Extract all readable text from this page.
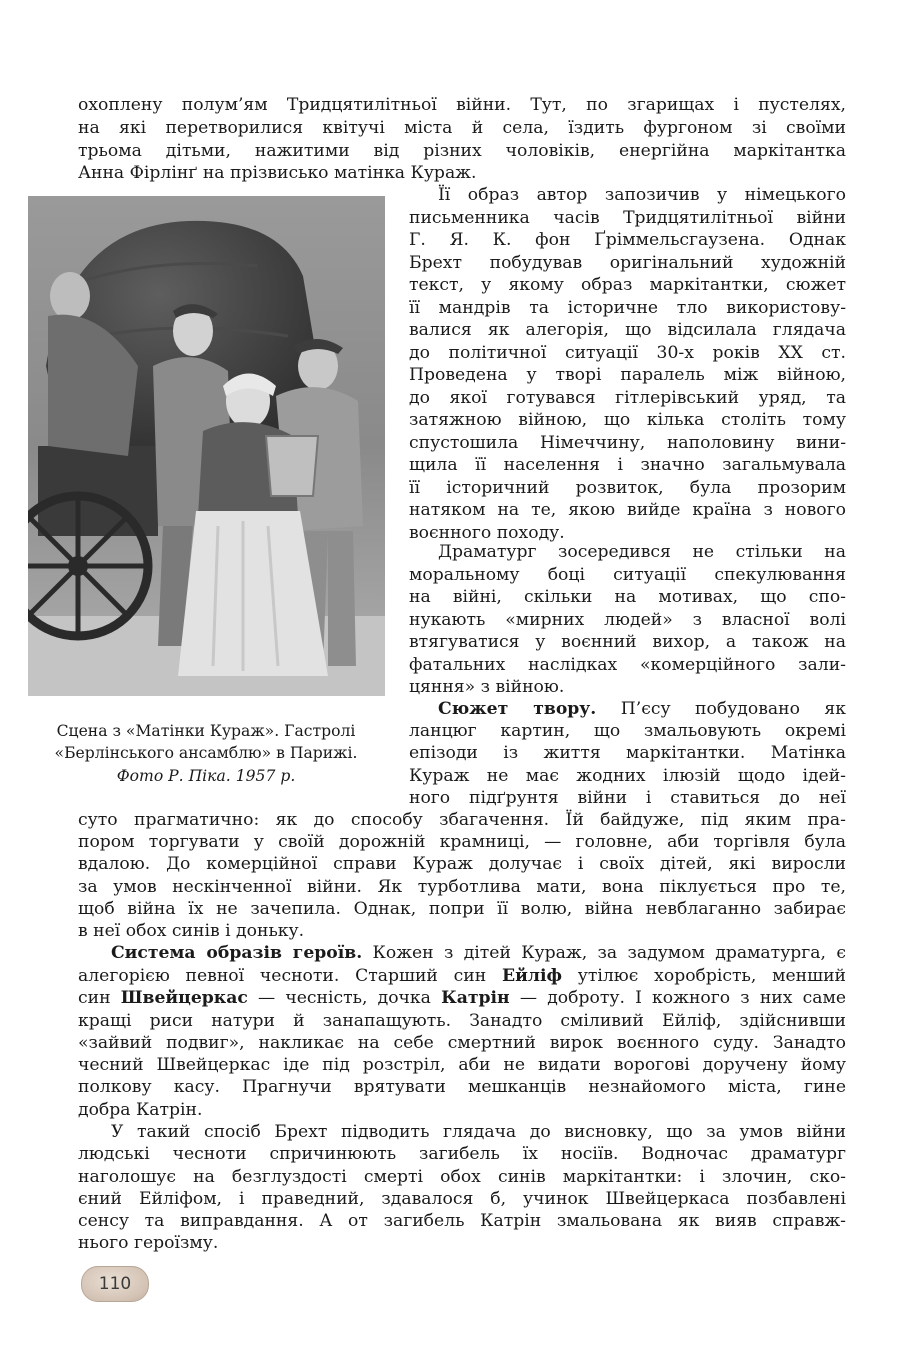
охоплену полум’ям Тридцятилітньої війни. Тут, по згарищах і пустелях,
на які перетворилися квітучі міста й села, їздить фургоном зі своїми
трьома дітьми, нажитими від різних чоловіків, енергійна маркітантка
Анна Фірлінґ на прізвисько матінка Кураж.
Її образ автор запозичив у німецького
письменника часів Тридцятилітньої війни
Г. Я. К. фон Ґріммельсгаузена. Однак
Брехт побудував оригінальний художній
текст, у якому образ маркітантки, сюжет
її мандрів та історичне тло використову-
валися як алегорія, що відсилала глядача
до політичної ситуації 30-х років ХХ ст.
Проведена у творі паралель між війною,
до якої готувався гітлерівський уряд, та
затяжною війною, що кілька століть тому
спустошила Німеччину, наполовину вини-
щила її населення і значно загальмувала
її історичний розвиток, була прозорим
натяком на те, якою вийде країна з нового
воєнного походу.
Драматург зосередився не стільки на
моральному боці ситуації спекулювання
на війні, скільки на мотивах, що спо-
нукають «мирних людей» з власної волі
втягуватися у воєнний вихор, а також на
фатальних наслідках «комерційного зали-
цяння» з війною.
Сюжет твору. П’єсу побудовано як
ланцюг картин, що змальовують окремі
епізоди із життя маркітантки. Матінка
Кураж не має жодних ілюзій щодо ідей-
ного підґрунтя війни і ставиться до неї
Сцена з «Матінки Кураж». Гастролі
«Берлінського ансамблю» в Парижі.
Фото Р. Піка. 1957 р.
суто прагматично: як до способу збагачення. Їй байдуже, під яким пра-
пором торгувати у своїй дорожній крамниці, — головне, аби торгівля була
вдалою. До комерційної справи Кураж долучає і своїх дітей, які виросли
за умов нескінченної війни. Як турботлива мати, вона піклується про те,
щоб війна їх не зачепила. Однак, попри її волю, війна невблаганно забирає
в неї обох синів і доньку.
Система образів героїв. Кожен з дітей Кураж, за задумом драматурга, є
алегорією певної чесноти. Старший син Ейліф утілює хоробрість, менший
син Швейцеркас — чесність, дочка Катрін — доброту. І кожного з них саме
кращі риси натури й занапащують. Занадто сміливий Ейліф, здійснивши
«зайвий подвиг», накликає на себе смертний вирок воєнного суду. Занадто
чесний Швейцеркас іде під розстріл, аби не видати ворогові доручену йому
полкову касу. Прагнучи врятувати мешканців незнайомого міста, гине
добра Катрін.
У такий спосіб Брехт підводить глядача до висновку, що за умов війни
людські чесноти спричинюють загибель їх носіїв. Водночас драматург
наголошує на безглуздості смерті обох синів маркітантки: і злочин, ско-
єний Ейліфом, і праведний, здавалося б, учинок Швейцеркаса позбавлені
сенсу та виправдання. А от загибель Катрін змальована як вияв справж-
нього героїзму.
110
